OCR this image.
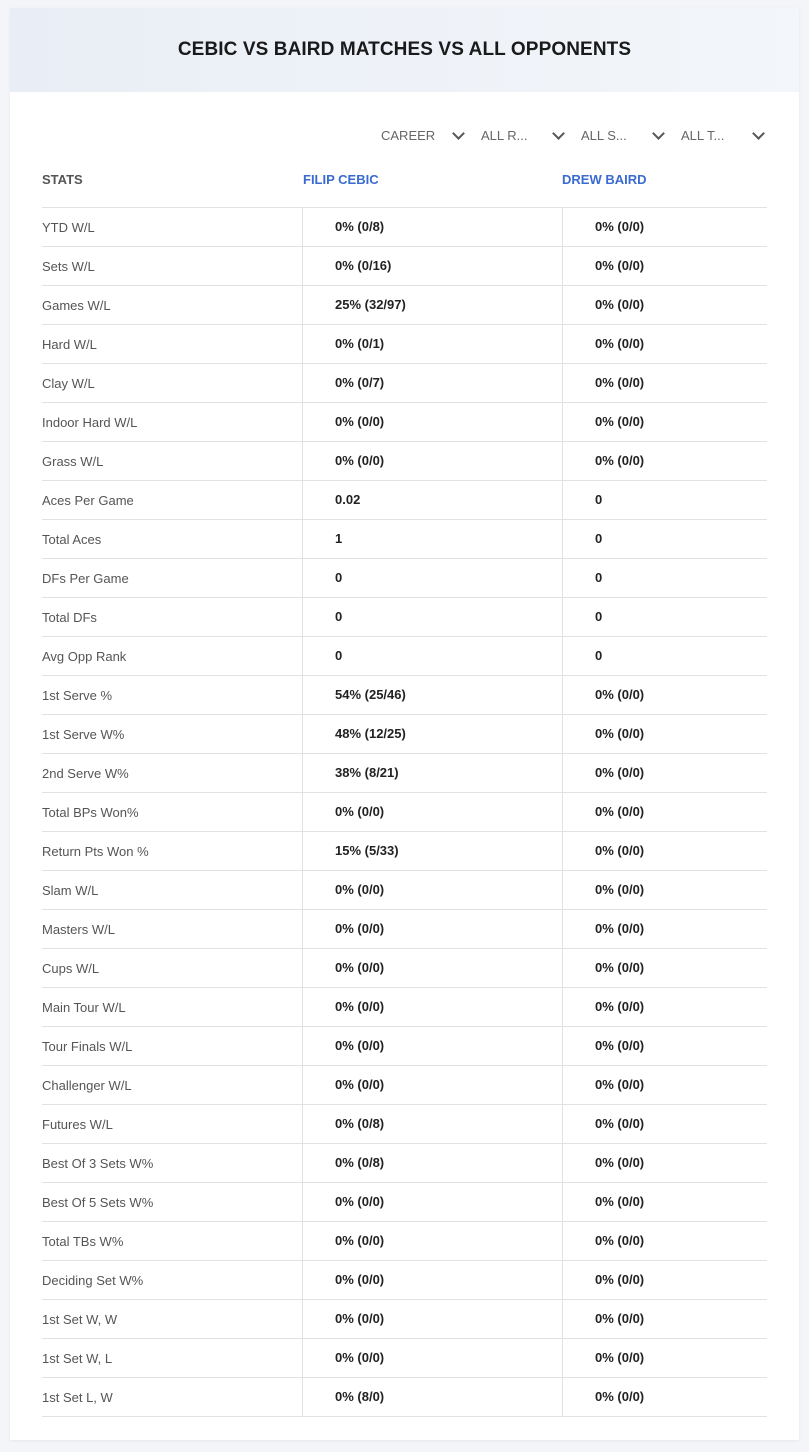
CEBIC VS BAIRD MATCHES VS ALL OPPONENTS
CAREER	ALL R...	ALL S...	ALL T...
STATS	FILIP CEBIC	DREW BAIRD
YTD W/L	0% (0/8)	0% (0/0)
Sets W/L	0% (0/16)	0% (0/0)
Games W/L	25% (32/97)	0% (0/0)
Hard W/L	0% (0/1)	0% (0/0)
Clay W/L	0% (0/7)	0% (0/0)
Indoor Hard W/L	0% (0/0)	0% (0/0)
Grass W/L	0% (0/0)	0% (0/0)
Aces Per Game	0.02	0
Total Aces	1	0
DFs Per Game	0	0
Total DFs	0	0
Avg Opp Rank	0	0
1st Serve %	54% (25/46)	0% (0/0)
1st Serve W%	48% (12/25)	0% (0/0)
2nd Serve W%	38% (8/21)	0% (0/0)
Total BPs Won%	0% (0/0)	0% (0/0)
Return Pts Won %	15% (5/33)	0% (0/0)
Slam W/L	0% (0/0)	0% (0/0)
Masters W/L	0% (0/0)	0% (0/0)
Cups W/L	0% (0/0)	0% (0/0)
Main Tour W/L	0% (0/0)	0% (0/0)
Tour Finals W/L	0% (0/0)	0% (0/0)
Challenger W/L	0% (0/0)	0% (0/0)
Futures W/L	0% (0/8)	0% (0/0)
Best Of 3 Sets W%	0% (0/8)	0% (0/0)
Best Of 5 Sets W%	0% (0/0)	0% (0/0)
Total TBs W%	0% (0/0)	0% (0/0)
Deciding Set W%	0% (0/0)	0% (0/0)
1st Set W, W	0% (0/0)	0% (0/0)
1st Set W, L	0% (0/0)	0% (0/0)
1st Set L, W	0% (8/0)	0% (0/0)
